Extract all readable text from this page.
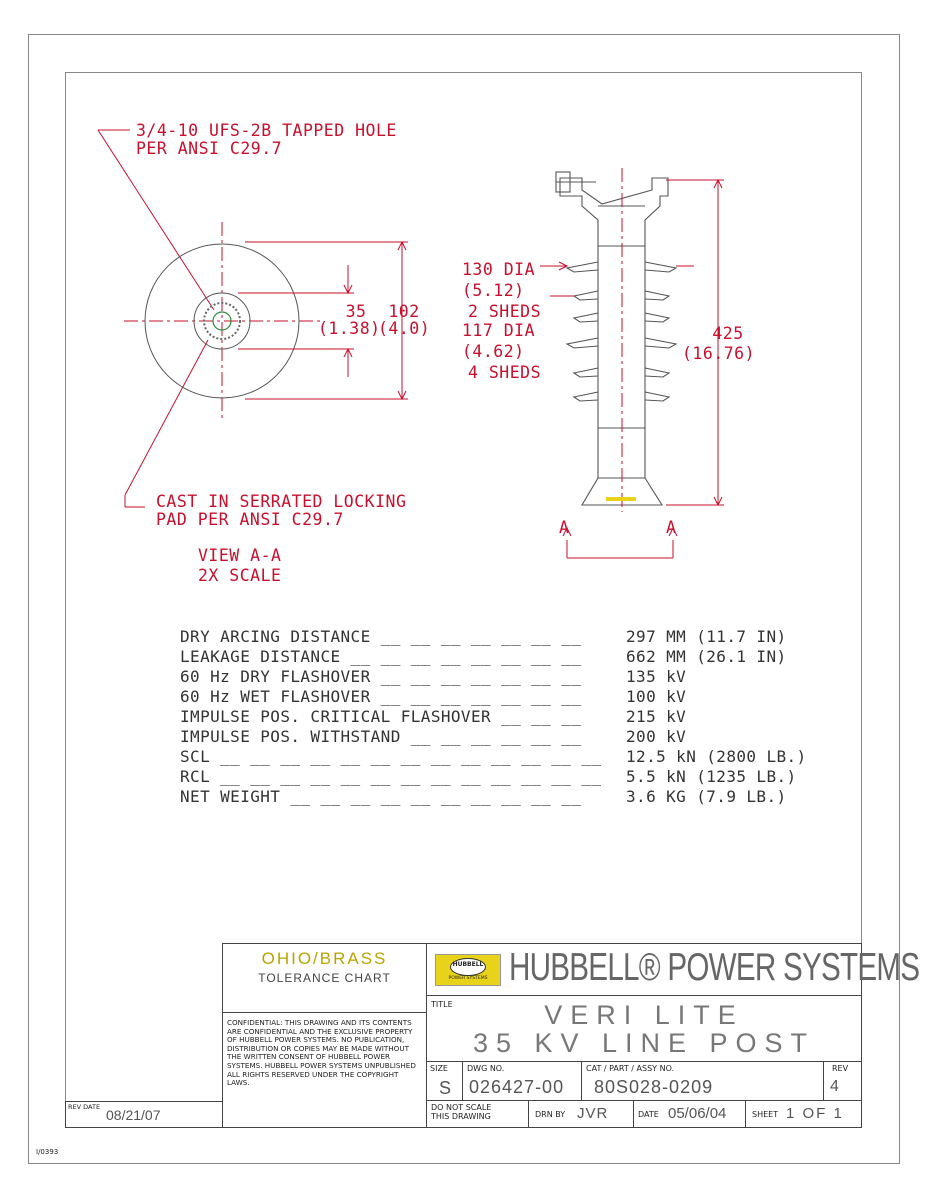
3/4-10 UFS-2B TAPPED HOLE
PER ANSI C29.7
CAST IN SERRATED LOCKING
PAD PER ANSI C29.7
VIEW A-A
2X SCALE
35
(1.38)
102
(4.0)
130 DIA
(5.12)
2 SHEDS
117 DIA
(4.62)
4 SHEDS
425
(16.76)
A	A
DRY ARCING DISTANCE __ __ __ __ __ __ __	297 MM (11.7 IN)
LEAKAGE DISTANCE __ __ __ __ __ __ __ __	662 MM (26.1 IN)
60 Hz DRY FLASHOVER __ __ __ __ __ __ __	135 kV
60 Hz WET FLASHOVER __ __ __ __ __ __ __	100 kV
IMPULSE POS. CRITICAL FLASHOVER __ __ __	215 kV
IMPULSE POS. WITHSTAND __ __ __ __ __ __	200 kV
SCL __ __ __ __ __ __ __ __ __ __ __ __ __ 12.5 kN (2800 LB.)
RCL __ __ __ __ __ __ __ __ __ __ __ __ __ 5.5 kN (1235 LB.)
NET WEIGHT __ __ __ __ __ __ __ __ __ __	3.6 KG (7.9 LB.)
OHIO/BRASS
TOLERANCE CHART
CONFIDENTIAL: THIS DRAWING AND ITS CONTENTS ARE CONFIDENTIAL AND THE EXCLUSIVE PROPERTY OF HUBBELL POWER SYSTEMS. NO PUBLICATION, DISTRIBUTION OR COPIES MAY BE MADE WITHOUT THE WRITTEN CONSENT OF HUBBELL POWER SYSTEMS. HUBBELL POWER SYSTEMS UNPUBLISHED ALL RIGHTS RESERVED UNDER THE COPYRIGHT LAWS.
REV DATE 08/21/07
HUBBELL
POWER SYSTEMS HUBBELL® POWER SYSTEMS
TITLE	VERI LITE
35 KV LINE POST
SIZE
S
DWG NO.
026427-00
CAT / PART / ASSY NO.
80S028-0209
REV
4
DO NOT SCALE THIS DRAWING	DRN BY JVR	DATE 05/06/04	SHEET 1 OF 1
I/0393
